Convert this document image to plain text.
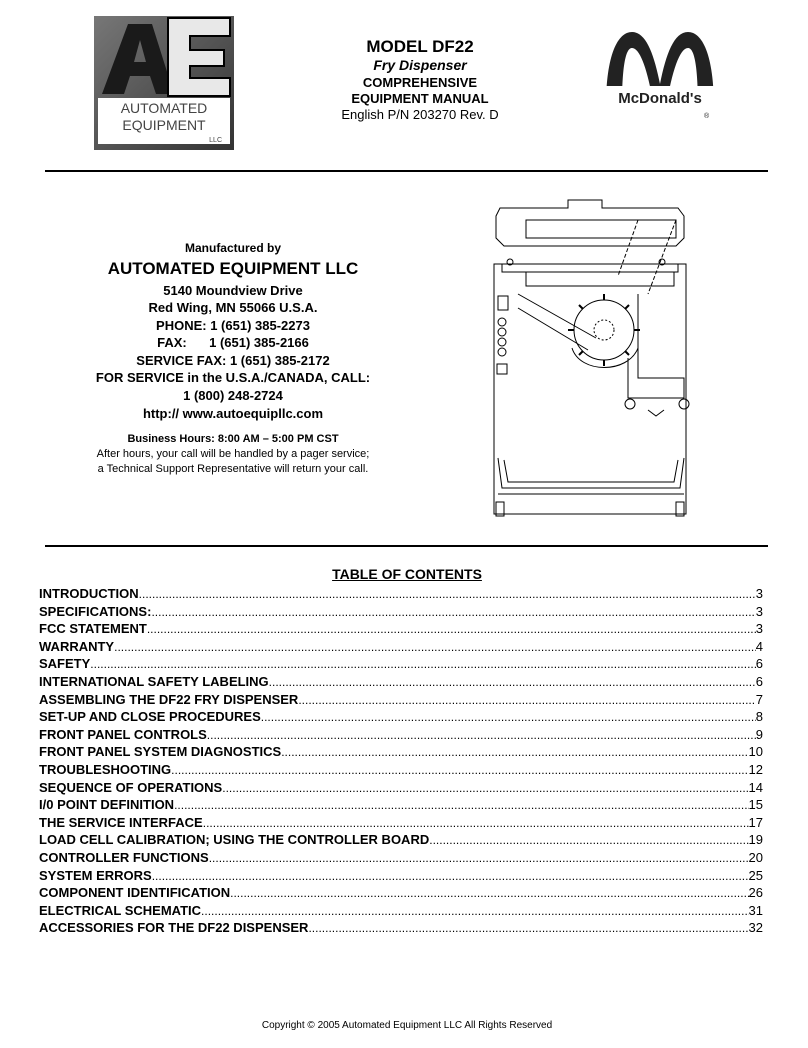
AUTOMATED
EQUIPMENT
LLC
MODEL DF22
Fry Dispenser
COMPREHENSIVE
EQUIPMENT MANUAL
English P/N 203270 Rev. D
McDonald's
®
Manufactured by
AUTOMATED EQUIPMENT LLC
5140 Moundview Drive
Red Wing, MN 55066 U.S.A.
PHONE: 1 (651) 385-2273
FAX: 1 (651) 385-2166
SERVICE FAX: 1 (651) 385-2172
FOR SERVICE in the U.S.A./CANADA, CALL:
1 (800) 248-2724
http:// www.autoequipllc.com
Business Hours: 8:00 AM – 5:00 PM CST
After hours, your call will be handled by a pager service;
a Technical Support Representative will return your call.
TABLE OF CONTENTS
INTRODUCTION .....	3
SPECIFICATIONS: .....	3
FCC STATEMENT .....	3
WARRANTY .....	4
SAFETY .....	6
INTERNATIONAL SAFETY LABELING .....	6
ASSEMBLING THE DF22 FRY DISPENSER .....	7
SET-UP AND CLOSE PROCEDURES .....	8
FRONT PANEL CONTROLS .....	9
FRONT PANEL SYSTEM DIAGNOSTICS .....	10
TROUBLESHOOTING .....	12
SEQUENCE OF OPERATIONS .....	14
I/0 POINT DEFINITION .....	15
THE SERVICE INTERFACE .....	17
LOAD CELL CALIBRATION; USING THE CONTROLLER BOARD .....	19
CONTROLLER FUNCTIONS .....	20
SYSTEM ERRORS .....	25
COMPONENT IDENTIFICATION .....	26
ELECTRICAL SCHEMATIC .....	31
ACCESSORIES FOR THE DF22 DISPENSER .....	32
Copyright © 2005 Automated Equipment LLC All Rights Reserved
